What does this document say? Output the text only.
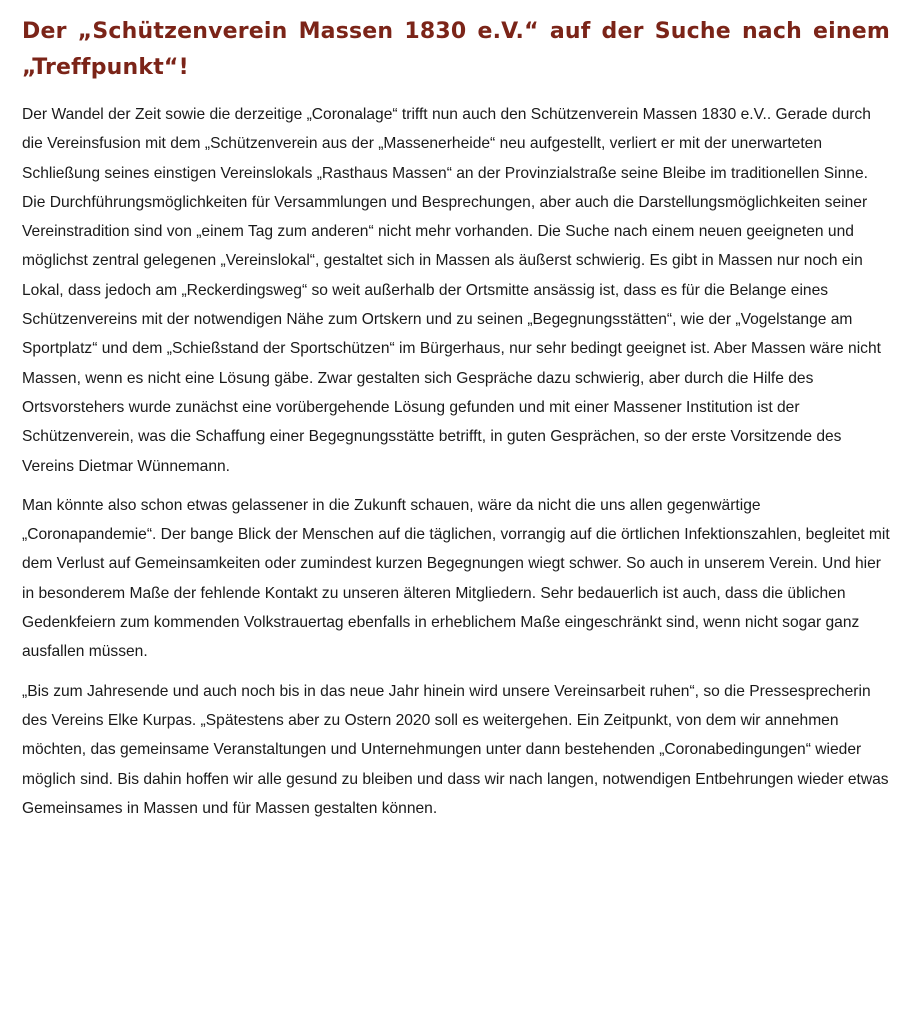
Der „Schützenverein Massen 1830 e.V.“ auf der Suche nach einem „Treffpunkt“!

Der Wandel der Zeit sowie die derzeitige „Coronalage“ trifft nun auch den Schützenverein Massen 1830 e.V.. Gerade durch die Vereinsfusion mit dem „Schützenverein aus der „Massenerheide“ neu aufgestellt, verliert er mit der unerwarteten Schließung seines einstigen Vereinslokals „Rasthaus Massen“ an der Provinzialstraße seine Bleibe im traditionellen Sinne. Die Durchführungsmöglichkeiten für Versammlungen und Besprechungen, aber auch die Darstellungsmöglichkeiten seiner Vereinstradition sind von „einem Tag zum anderen“ nicht mehr vorhanden. Die Suche nach einem neuen geeigneten und möglichst zentral gelegenen „Vereinslokal“, gestaltet sich in Massen als äußerst schwierig. Es gibt in Massen nur noch ein Lokal, dass jedoch am „Reckerdingsweg“ so weit außerhalb der Ortsmitte ansässig ist, dass es für die Belange eines Schützenvereins mit der notwendigen Nähe zum Ortskern und zu seinen „Begegnungsstätten“, wie der „Vogelstange am Sportplatz“ und dem „Schießstand der Sportschützen“ im Bürgerhaus, nur sehr bedingt geeignet ist. Aber Massen wäre nicht Massen, wenn es nicht eine Lösung gäbe. Zwar gestalten sich Gespräche dazu schwierig, aber durch die Hilfe des Ortsvorstehers wurde zunächst eine vorübergehende Lösung gefunden und mit einer Massener Institution ist der Schützenverein, was die Schaffung einer Begegnungsstätte betrifft, in guten Gesprächen, so der erste Vorsitzende des Vereins Dietmar Wünnemann.

Man könnte also schon etwas gelassener in die Zukunft schauen, wäre da nicht die uns allen gegenwärtige „Coronapandemie“. Der bange Blick der Menschen auf die täglichen, vorrangig auf die örtlichen Infektionszahlen, begleitet mit dem Verlust auf Gemeinsamkeiten oder zumindest kurzen Begegnungen wiegt schwer. So auch in unserem Verein. Und hier in besonderem Maße der fehlende Kontakt zu unseren älteren Mitgliedern. Sehr bedauerlich ist auch, dass die üblichen Gedenkfeiern zum kommenden Volkstrauertag ebenfalls in erheblichem Maße eingeschränkt sind, wenn nicht sogar ganz ausfallen müssen.

„Bis zum Jahresende und auch noch bis in das neue Jahr hinein wird unsere Vereinsarbeit ruhen“, so die Pressesprecherin des Vereins Elke Kurpas. „Spätestens aber zu Ostern 2020 soll es weitergehen. Ein Zeitpunkt, von dem wir annehmen möchten, das gemeinsame Veranstaltungen und Unternehmungen unter dann bestehenden „Coronabedingungen“ wieder möglich sind. Bis dahin hoffen wir alle gesund zu bleiben und dass wir nach langen, notwendigen Entbehrungen wieder etwas Gemeinsames in Massen und für Massen gestalten können.
